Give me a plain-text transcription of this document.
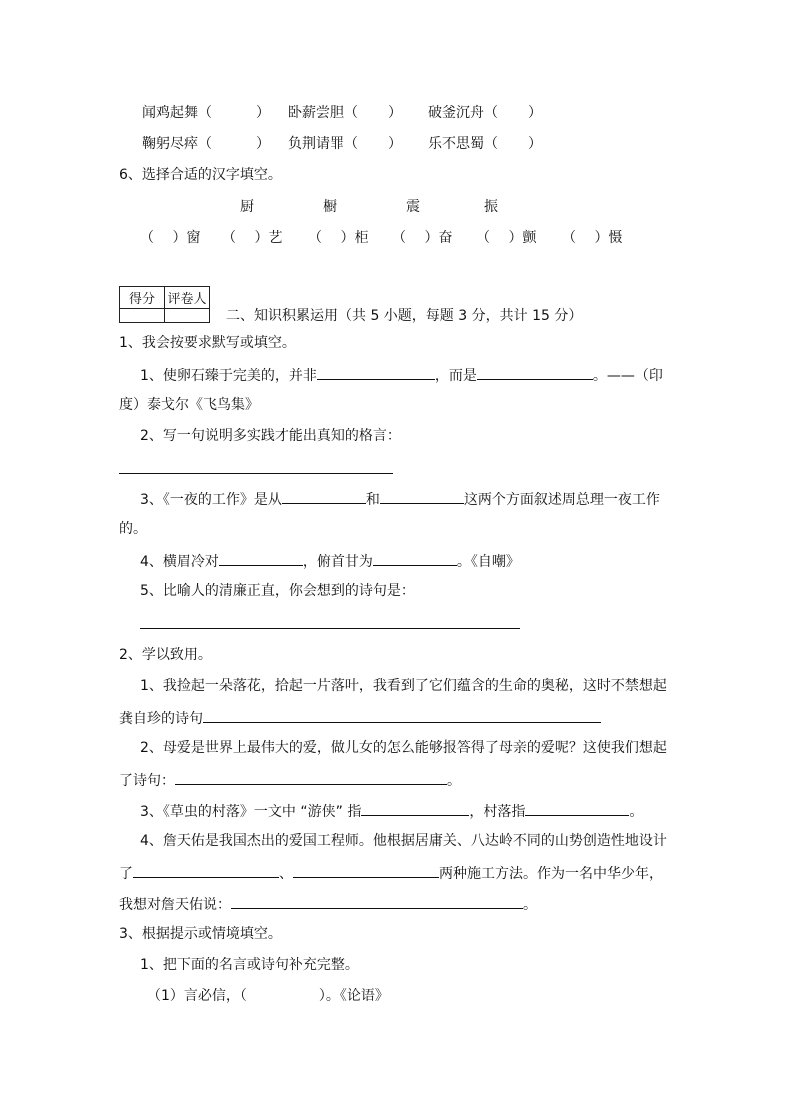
闻鸡起舞（	） 卧薪尝胆（ ） 破釜沉舟（ ）
鞠躬尽瘁（	） 负荆请罪（ ） 乐不思蜀（ ）
6、选择合适的汉字填空。
厨	橱	震	振
（　 ）窗 （　 ）艺 （　 ）柜 （　 ）奋 （　 ）颤 （　 ）慑
得分	评卷人

二、知识积累运用（共 5 小题，每题 3 分，共计 15 分）
1、我会按要求默写或填空。
1、使卵石臻于完美的，并非	，而是	。——（印
度）泰戈尔《飞鸟集》
2、写一句说明多实践才能出真知的格言：
3、《一夜的工作》是从	和	这两个方面叙述周总理一夜工作
的。
4、横眉冷对	，俯首甘为	。《自嘲》
5、比喻人的清廉正直，你会想到的诗句是：
2、学以致用。
1、我捡起一朵落花，拾起一片落叶，我看到了它们蕴含的生命的奥秘，这时不禁想起
龚自珍的诗句
2、母爱是世界上最伟大的爱，做儿女的怎么能够报答得了母亲的爱呢？这使我们想起
了诗句：	。
3、《草虫的村落》一文中 “游侠” 指	，村落指	。
4、詹天佑是我国杰出的爱国工程师。他根据居庸关、八达岭不同的山势创造性地设计
了	、	两种施工方法。作为一名中华少年，
我想对詹天佑说：	。
3、根据提示或情境填空。
1、把下面的名言或诗句补充完整。
（1）言必信，（	）。《论语》
